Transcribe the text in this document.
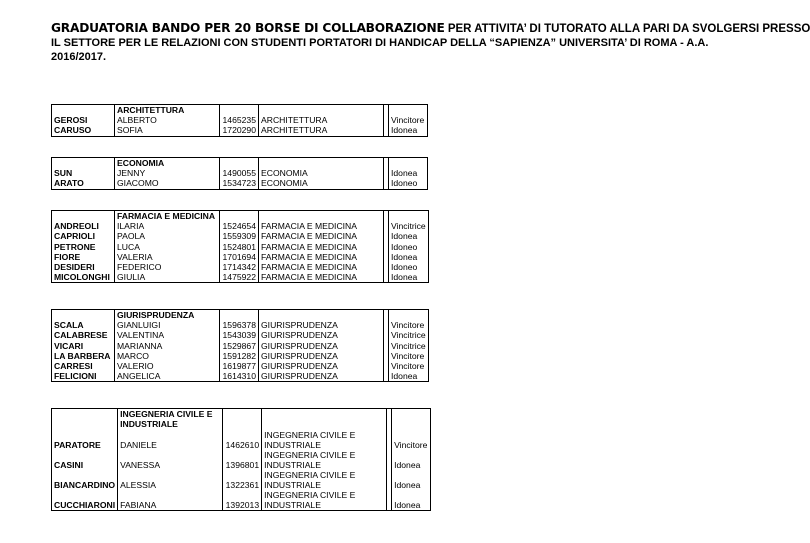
GRADUATORIA BANDO PER 20 BORSE DI COLLABORAZIONE PER ATTIVITA’ DI TUTORATO ALLA PARI DA SVOLGERSI PRESSO
IL SETTORE PER LE RELAZIONI CON STUDENTI PORTATORI DI HANDICAP DELLA “SAPIENZA” UNIVERSITA’ DI ROMA - A.A.
2016/2017.
	ARCHITETTURA				
GEROSI	ALBERTO	1465235	ARCHITETTURA		Vincitore
CARUSO	SOFIA	1720290	ARCHITETTURA		Idonea
	ECONOMIA				
SUN	JENNY	1490055	ECONOMIA		Idonea
ARATO	GIACOMO	1534723	ECONOMIA		Idoneo
	FARMACIA E MEDICINA				
ANDREOLI	ILARIA	1524654	FARMACIA E MEDICINA		Vincitrice
CAPRIOLI	PAOLA	1559309	FARMACIA E MEDICINA		Idonea
PETRONE	LUCA	1524801	FARMACIA E MEDICINA		Idoneo
FIORE	VALERIA	1701694	FARMACIA E MEDICINA		Idonea
DESIDERI	FEDERICO	1714342	FARMACIA E MEDICINA		Idoneo
MICOLONGHI	GIULIA	1475922	FARMACIA E MEDICINA		Idonea
	GIURISPRUDENZA				
SCALA	GIANLUIGI	1596378	GIURISPRUDENZA		Vincitore
CALABRESE	VALENTINA	1543039	GIURISPRUDENZA		Vincitrice
VICARI	MARIANNA	1529867	GIURISPRUDENZA		Vincitrice
LA BARBERA	MARCO	1591282	GIURISPRUDENZA		Vincitore
CARRESI	VALERIO	1619877	GIURISPRUDENZA		Vincitore
FELICIONI	ANGELICA	1614310	GIURISPRUDENZA		Idonea

	INGEGNERIA CIVILE E
INDUSTRIALE				

PARATORE	DANIELE	1462610	INGEGNERIA CIVILE E
INDUSTRIALE		Vincitore
CASINI	VANESSA	1396801	INGEGNERIA CIVILE E
INDUSTRIALE		Idonea
BIANCARDINO	ALESSIA	1322361	INGEGNERIA CIVILE E
INDUSTRIALE		Idonea
CUCCHIARONI	FABIANA	1392013	INGEGNERIA CIVILE E
INDUSTRIALE		Idonea
